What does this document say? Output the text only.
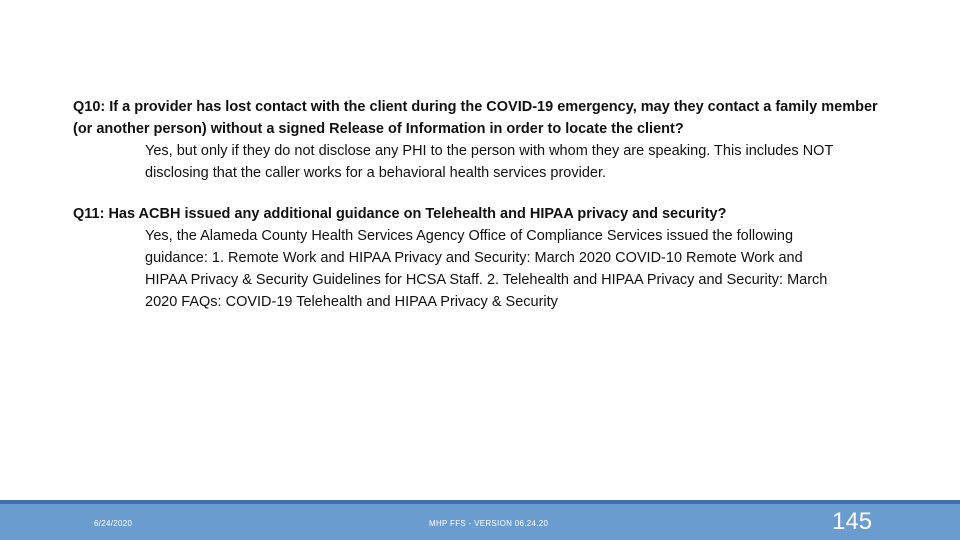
Q10: If a provider has lost contact with the client during the COVID-19 emergency, may they contact a family member (or another person) without a signed Release of Information in order to locate the client?

Yes, but only if they do not disclose any PHI to the person with whom they are speaking. This includes NOT disclosing that the caller works for a behavioral health services provider.

Q11: Has ACBH issued any additional guidance on Telehealth and HIPAA privacy and security?

Yes, the Alameda County Health Services Agency Office of Compliance Services issued the following guidance: 1. Remote Work and HIPAA Privacy and Security: March 2020 COVID-10 Remote Work and HIPAA Privacy & Security Guidelines for HCSA Staff. 2. Telehealth and HIPAA Privacy and Security: March 2020 FAQs: COVID-19 Telehealth and HIPAA Privacy & Security

6/24/2020	MHP FFS - VERSION 06.24.20	145
